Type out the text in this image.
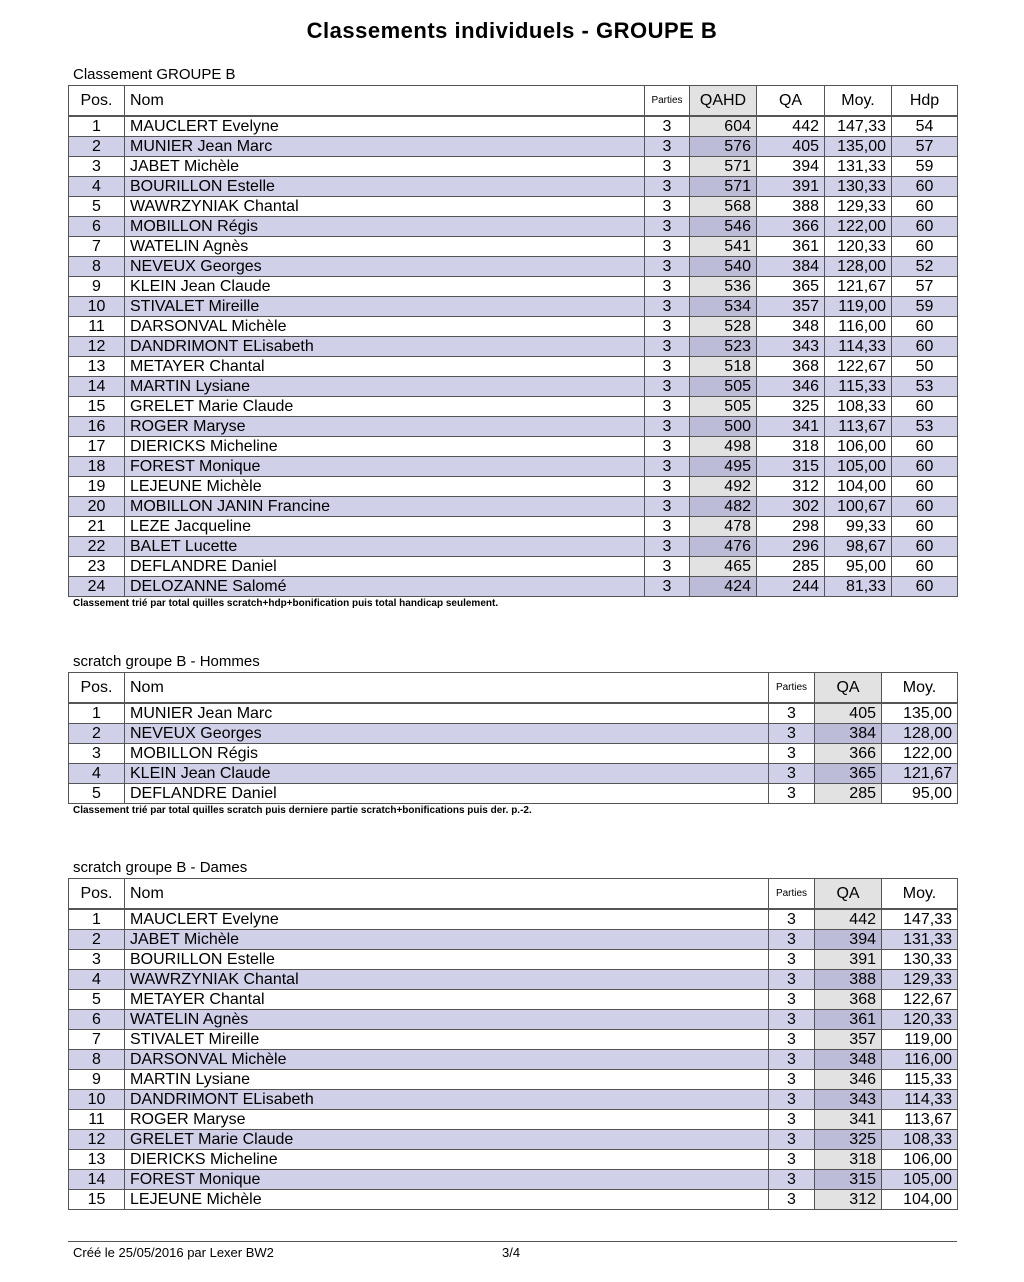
Classements individuels - GROUPE B
Classement GROUPE B
Pos.	Nom	Parties	QAHD	QA	Moy.	Hdp
1	MAUCLERT Evelyne	3	604	442	147,33	54
2	MUNIER Jean Marc	3	576	405	135,00	57
3	JABET Michèle	3	571	394	131,33	59
4	BOURILLON Estelle	3	571	391	130,33	60
5	WAWRZYNIAK Chantal	3	568	388	129,33	60
6	MOBILLON Régis	3	546	366	122,00	60
7	WATELIN Agnès	3	541	361	120,33	60
8	NEVEUX Georges	3	540	384	128,00	52
9	KLEIN Jean Claude	3	536	365	121,67	57
10	STIVALET Mireille	3	534	357	119,00	59
11	DARSONVAL Michèle	3	528	348	116,00	60
12	DANDRIMONT ELisabeth	3	523	343	114,33	60
13	METAYER Chantal	3	518	368	122,67	50
14	MARTIN Lysiane	3	505	346	115,33	53
15	GRELET Marie Claude	3	505	325	108,33	60
16	ROGER Maryse	3	500	341	113,67	53
17	DIERICKS Micheline	3	498	318	106,00	60
18	FOREST Monique	3	495	315	105,00	60
19	LEJEUNE Michèle	3	492	312	104,00	60
20	MOBILLON JANIN Francine	3	482	302	100,67	60
21	LEZE Jacqueline	3	478	298	99,33	60
22	BALET Lucette	3	476	296	98,67	60
23	DEFLANDRE Daniel	3	465	285	95,00	60
24	DELOZANNE Salomé	3	424	244	81,33	60
Classement trié par total quilles scratch+hdp+bonification puis total handicap seulement.
scratch groupe B - Hommes
Pos.	Nom	Parties	QA	Moy.
1	MUNIER Jean Marc	3	405	135,00
2	NEVEUX Georges	3	384	128,00
3	MOBILLON Régis	3	366	122,00
4	KLEIN Jean Claude	3	365	121,67
5	DEFLANDRE Daniel	3	285	95,00
Classement trié par total quilles scratch puis derniere partie scratch+bonifications puis der. p.-2.
scratch groupe B - Dames
Pos.	Nom	Parties	QA	Moy.
1	MAUCLERT Evelyne	3	442	147,33
2	JABET Michèle	3	394	131,33
3	BOURILLON Estelle	3	391	130,33
4	WAWRZYNIAK Chantal	3	388	129,33
5	METAYER Chantal	3	368	122,67
6	WATELIN Agnès	3	361	120,33
7	STIVALET Mireille	3	357	119,00
8	DARSONVAL Michèle	3	348	116,00
9	MARTIN Lysiane	3	346	115,33
10	DANDRIMONT ELisabeth	3	343	114,33
11	ROGER Maryse	3	341	113,67
12	GRELET Marie Claude	3	325	108,33
13	DIERICKS Micheline	3	318	106,00
14	FOREST Monique	3	315	105,00
15	LEJEUNE Michèle	3	312	104,00
Créé le 25/05/2016 par Lexer BW2	3/4
